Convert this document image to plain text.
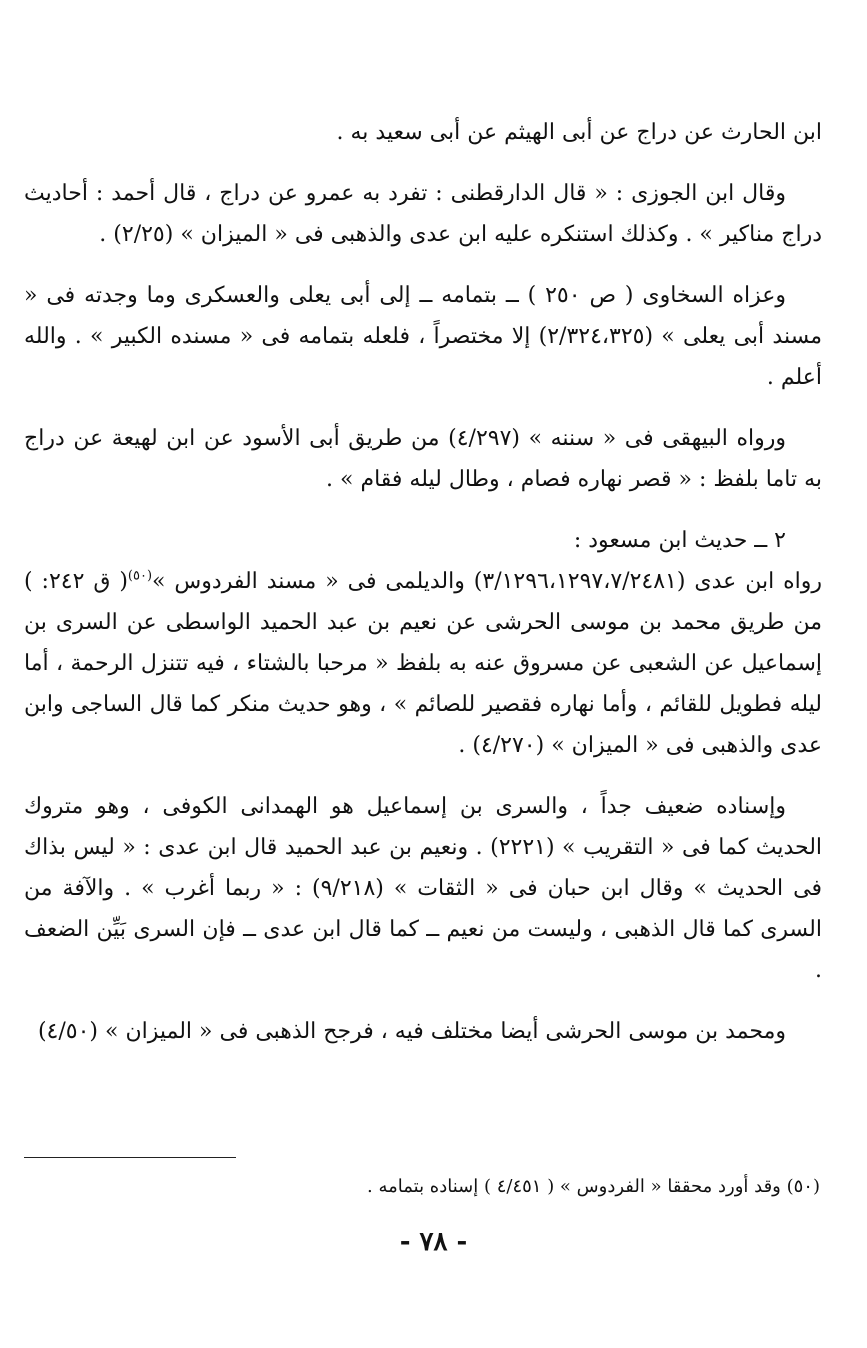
ابن الحارث عن دراج عن أبى الهيثم عن أبى سعيد به .

وقال ابن الجوزى : « قال الدارقطنى : تفرد به عمرو عن دراج ، قال أحمد : أحاديث دراج مناكير » . وكذلك استنكره عليه ابن عدى والذهبى فى « الميزان » (٢/٢٥) .

وعزاه السخاوى ( ص ٢٥٠ ) ــ بتمامه ــ إلى أبى يعلى والعسكرى وما وجدته فى « مسند أبى يعلى » (٢/٣٢٤،٣٢٥) إلا مختصراً ، فلعله بتمامه فى « مسنده الكبير » . والله أعلم .

ورواه البيهقى فى « سننه » (٤/٢٩٧) من طريق أبى الأسود عن ابن لهيعة عن دراج به تاما بلفظ : « قصر نهاره فصام ، وطال ليله فقام » .

٢ ــ حديث ابن مسعود :

رواه ابن عدى (٣/١٢٩٦،١٢٩٧،٧/٢٤٨١) والديلمى فى « مسند الفردوس »$^{(٥٠)}$( ق ٢٤٢: ) من طريق محمد بن موسى الحرشى عن نعيم بن عبد الحميد الواسطى عن السرى بن إسماعيل عن الشعبى عن مسروق عنه به بلفظ « مرحبا بالشتاء ، فيه تتنزل الرحمة ، أما ليله فطويل للقائم ، وأما نهاره فقصير للصائم » ، وهو حديث منكر كما قال الساجى وابن عدى والذهبى فى « الميزان » (٤/٢٧٠) .

وإسناده ضعيف جداً ، والسرى بن إسماعيل هو الهمدانى الكوفى ، وهو متروك الحديث كما فى « التقريب » (٢٢٢١) . ونعيم بن عبد الحميد قال ابن عدى : « ليس بذاك فى الحديث » وقال ابن حبان فى « الثقات » (٩/٢١٨) : « ربما أغرب » . والآفة من السرى كما قال الذهبى ، وليست من نعيم ــ كما قال ابن عدى ــ فإن السرى بَيِّن الضعف .

ومحمد بن موسى الحرشى أيضا مختلف فيه ، فرجح الذهبى فى « الميزان » (٤/٥٠)

(٥٠) وقد أورد محققا « الفردوس » ( ٤/٤٥١ ) إسناده بتمامه .

- ٧٨ -
